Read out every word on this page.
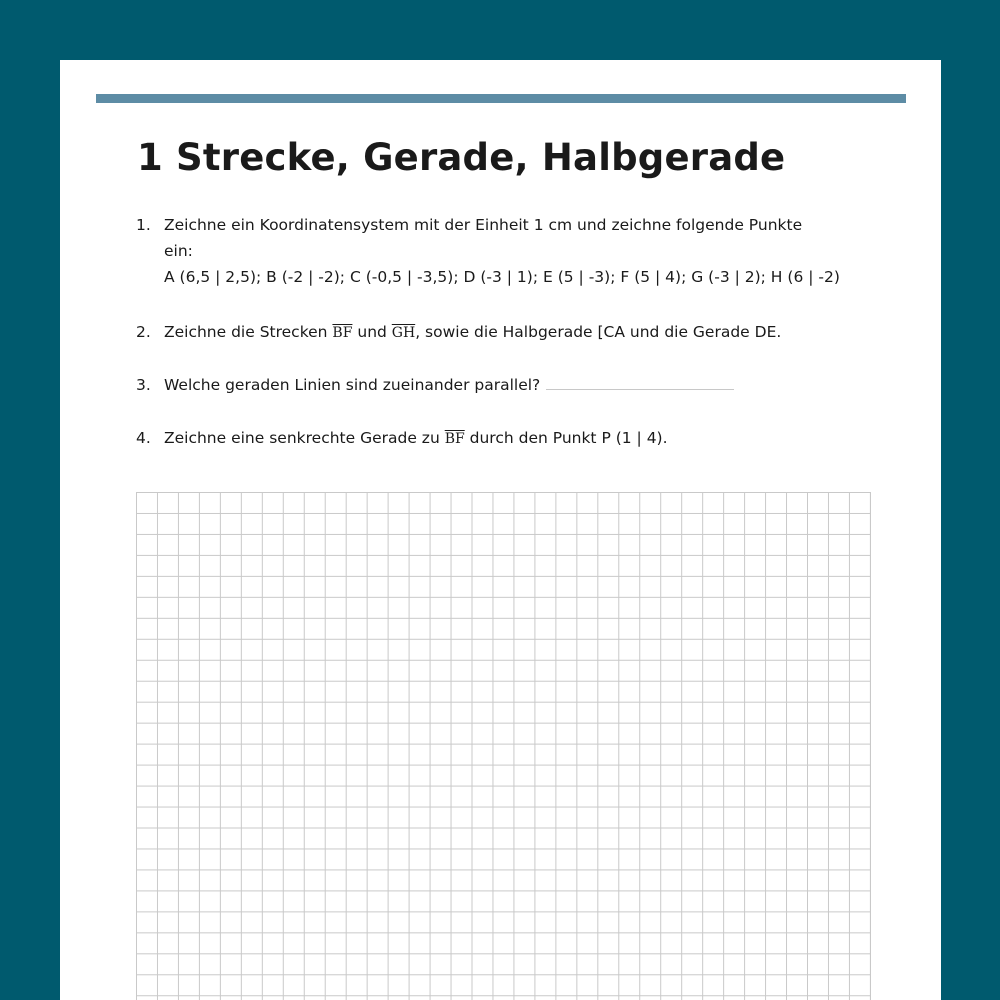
1 Strecke, Gerade, Halbgerade
1. Zeichne ein Koordinatensystem mit der Einheit 1 cm und zeichne folgende Punkte
ein:
A (6,5 | 2,5); B (-2 | -2); C (-0,5 | -3,5); D (-3 | 1); E (5 | -3); F (5 | 4); G (-3 | 2); H (6 | -2)
2. Zeichne die Strecken $\overline{BF}$ und $\overline{GH}$, sowie die Halbgerade [CA und die Gerade DE.
3. Welche geraden Linien sind zueinander parallel?
4. Zeichne eine senkrechte Gerade zu $\overline{BF}$ durch den Punkt P (1 | 4).
